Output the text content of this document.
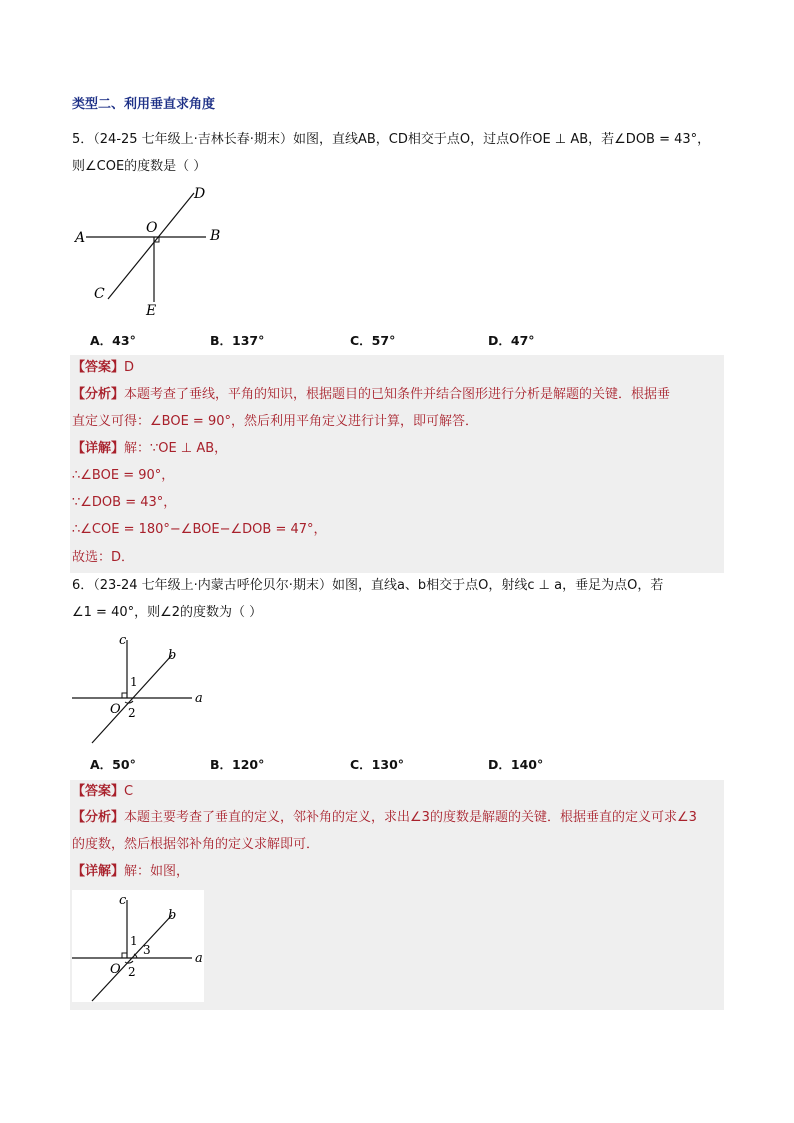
类型二、利用垂直求角度
5．（24-25 七年级上·吉林长春·期末）如图，直线AB，CD相交于点O，过点O作OE ⊥ AB，若∠DOB = 43°，
则∠COE的度数是（ ）
A	B
C
D
O
E
A．43°	B．137°	C．57°	D．47°
【答案】D
【分析】本题考查了垂线，平角的知识，根据题目的已知条件并结合图形进行分析是解题的关键．根据垂
直定义可得：∠BOE = 90°，然后利用平角定义进行计算，即可解答．
【详解】解：∵OE ⊥ AB，
∴∠BOE = 90°，
∵∠DOB = 43°，
∴∠COE = 180°−∠BOE−∠DOB = 47°，
故选：D．
6．（23-24 七年级上·内蒙古呼伦贝尔·期末）如图，直线a、b相交于点O，射线c ⊥ a，垂足为点O，若
∠1 = 40°，则∠2的度数为（ ）
c
b
a
O
1
2
A．50°	B．120°	C．130°	D．140°
【答案】C
【分析】本题主要考查了垂直的定义，邻补角的定义，求出∠3的度数是解题的关键．根据垂直的定义可求∠3
的度数，然后根据邻补角的定义求解即可．
【详解】解：如图，
c
b
a
O
1
2
3
